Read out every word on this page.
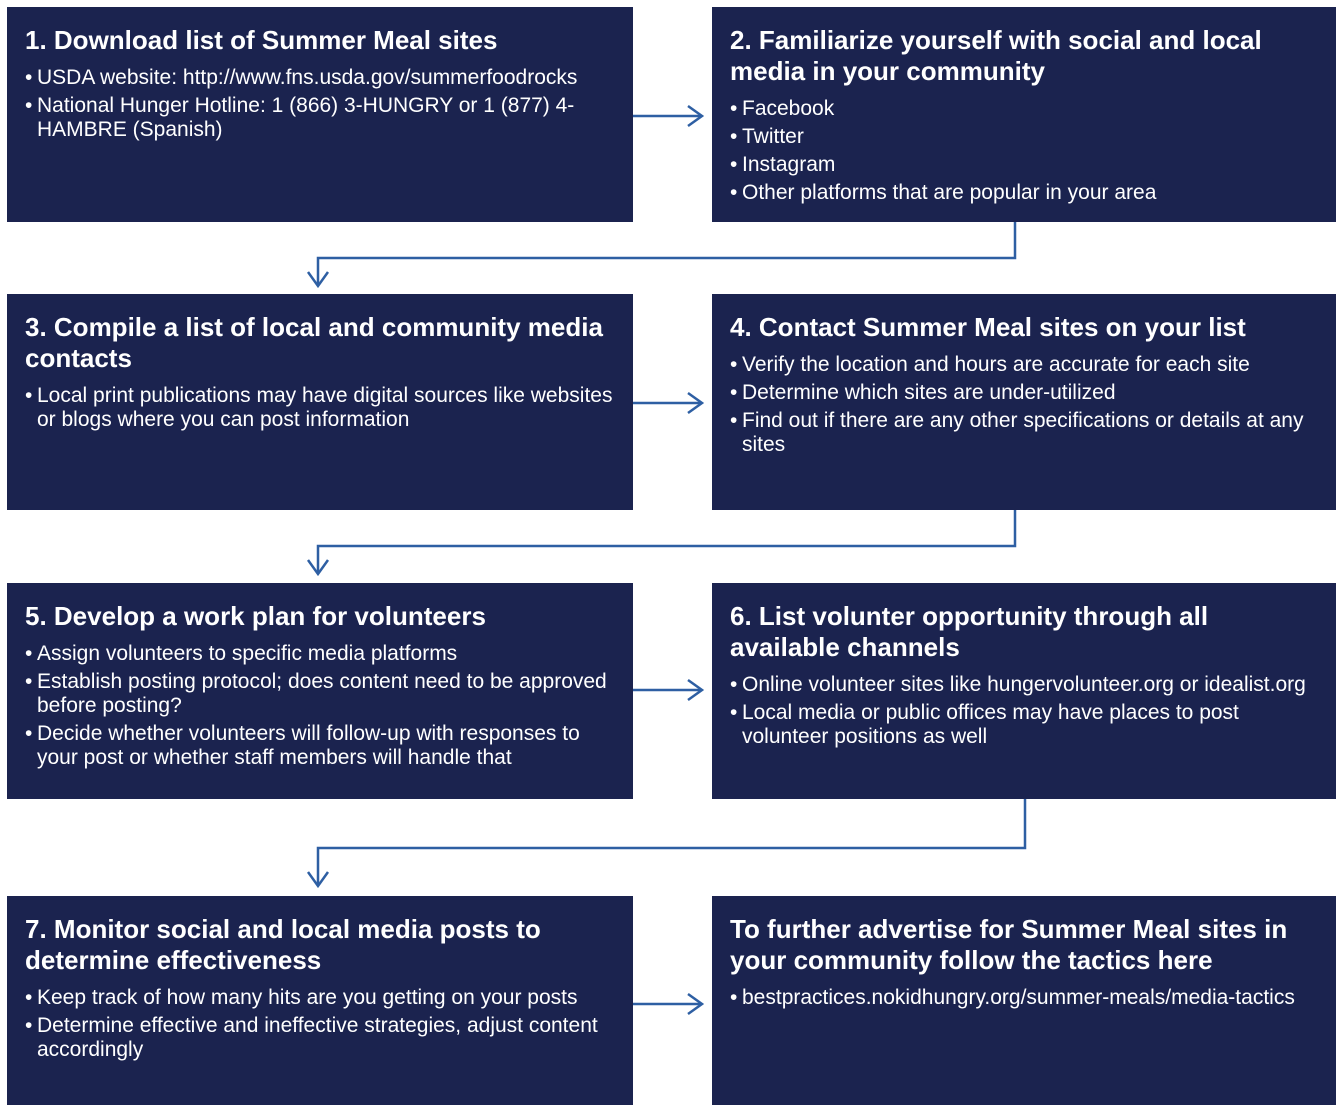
1. Download list of Summer Meal sites
• USDA website: http://www.fns.usda.gov/summerfoodrocks
• National Hunger Hotline: 1 (866) 3-HUNGRY or 1 (877) 4-HAMBRE (Spanish)
2. Familiarize yourself with social and local media in your community
• Facebook
• Twitter
• Instagram
• Other platforms that are popular in your area
3. Compile a list of local and community media contacts
• Local print publications may have digital sources like websites or blogs where you can post information
4. Contact Summer Meal sites on your list
• Verify the location and hours are accurate for each site
• Determine which sites are under-utilized
• Find out if there are any other specifications or details at any sites
5. Develop a work plan for volunteers
• Assign volunteers to specific media platforms
• Establish posting protocol; does content need to be approved before posting?
• Decide whether volunteers will follow-up with responses to your post or whether staff members will handle that
6. List volunter opportunity through all available channels
• Online volunteer sites like hungervolunteer.org or idealist.org
• Local media or public offices may have places to post volunteer positions as well
7. Monitor social and local media posts to determine effectiveness
• Keep track of how many hits are you getting on your posts
• Determine effective and ineffective strategies, adjust content accordingly
To further advertise for Summer Meal sites in your community follow the tactics here
• bestpractices.nokidhungry.org/summer-meals/media-tactics
